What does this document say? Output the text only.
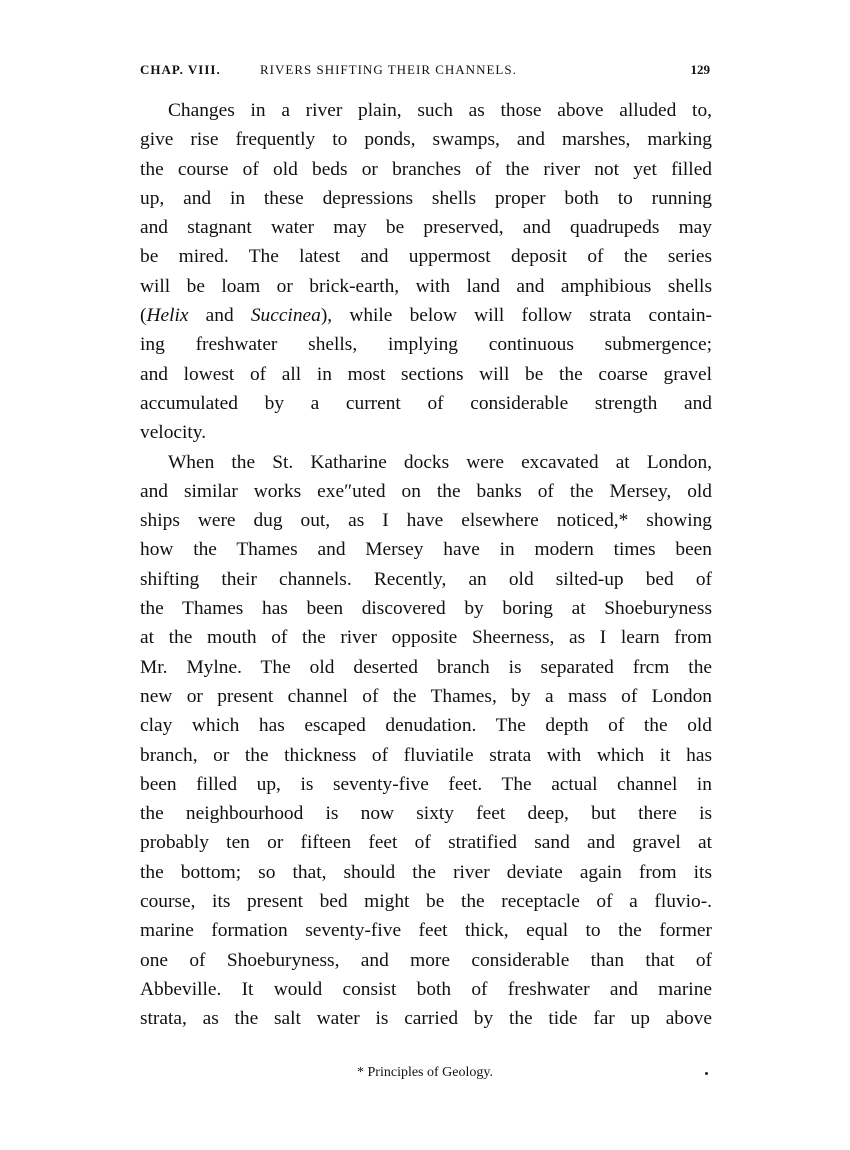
CHAP. VIII.	RIVERS SHIFTING THEIR CHANNELS.	129
Changes in a river plain, such as those above alluded to,
give rise frequently to ponds, swamps, and marshes, marking
the course of old beds or branches of the river not yet filled
up, and in these depressions shells proper both to running
and stagnant water may be preserved, and quadrupeds may
be mired. The latest and uppermost deposit of the series
will be loam or brick-earth, with land and amphibious shells
(Helix and Succinea), while below will follow strata contain-
ing freshwater shells, implying continuous submergence;
and lowest of all in most sections will be the coarse gravel
accumulated by a current of considerable strength and
velocity.
When the St. Katharine docks were excavated at London,
and similar works exe″uted on the banks of the Mersey, old
ships were dug out, as I have elsewhere noticed,* showing
how the Thames and Mersey have in modern times been
shifting their channels. Recently, an old silted-up bed of
the Thames has been discovered by boring at Shoeburyness
at the mouth of the river opposite Sheerness, as I learn from
Mr. Mylne. The old deserted branch is separated frcm the
new or present channel of the Thames, by a mass of London
clay which has escaped denudation. The depth of the old
branch, or the thickness of fluviatile strata with which it has
been filled up, is seventy-five feet. The actual channel in
the neighbourhood is now sixty feet deep, but there is
probably ten or fifteen feet of stratified sand and gravel at
the bottom; so that, should the river deviate again from its
course, its present bed might be the receptacle of a fluvio-.
marine formation seventy-five feet thick, equal to the former
one of Shoeburyness, and more considerable than that of
Abbeville. It would consist both of freshwater and marine
strata, as the salt water is carried by the tide far up above
* Principles of Geology.
